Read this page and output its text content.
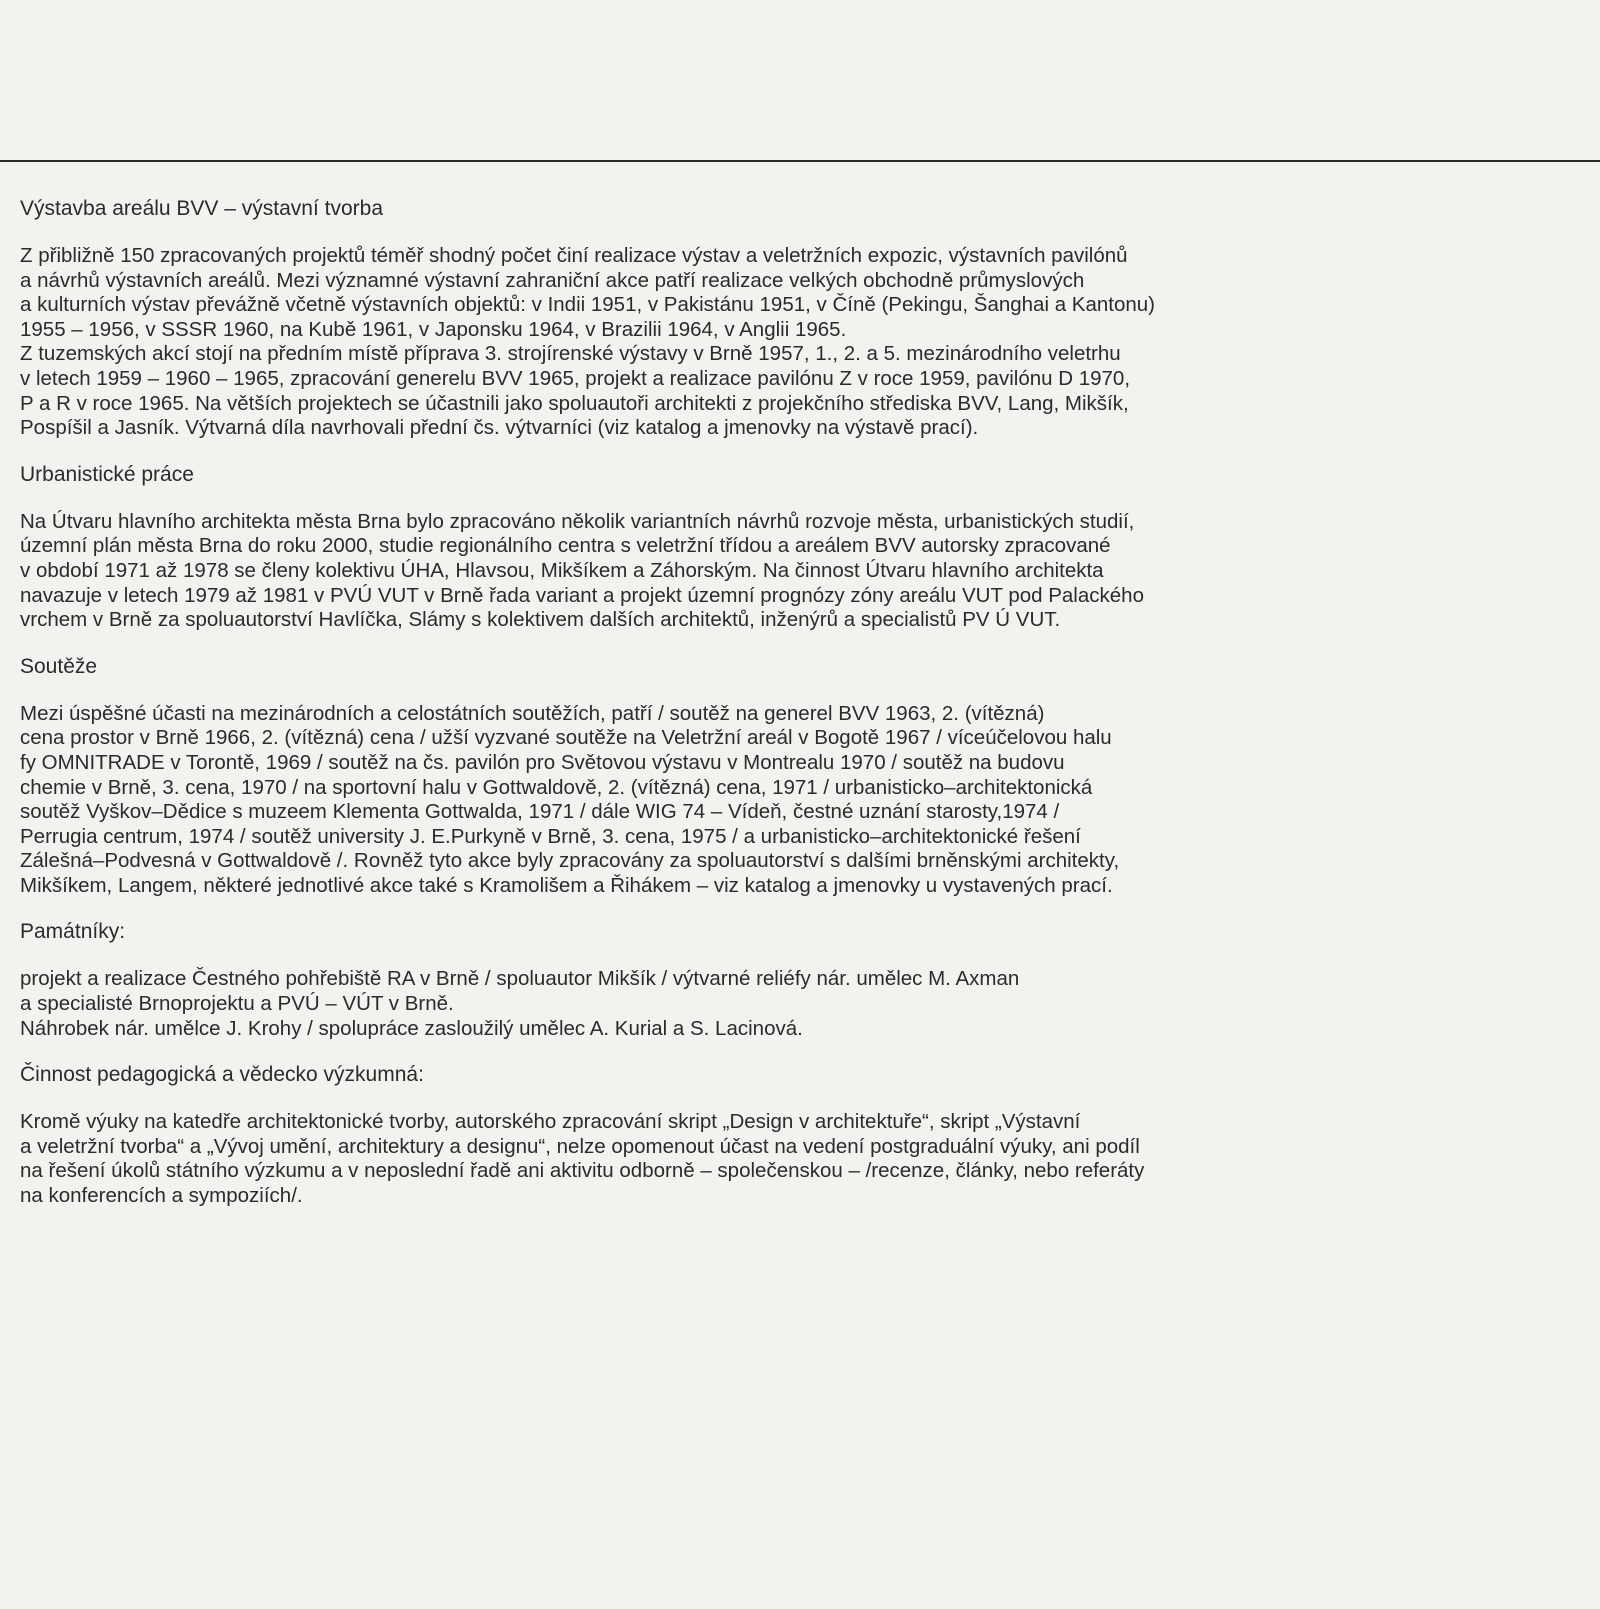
Výstavba areálu BVV – výstavní tvorba
Z přibližně 150 zpracovaných projektů téměř shodný počet činí realizace výstav a veletržních expozic, výstavních pavilónů
a návrhů výstavních areálů. Mezi významné výstavní zahraniční akce patří realizace velkých obchodně průmyslových
a kulturních výstav převážně včetně výstavních objektů: v Indii 1951, v Pakistánu 1951, v Číně (Pekingu, Šanghai a Kantonu)
1955 – 1956, v SSSR 1960, na Kubě 1961, v Japonsku 1964, v Brazilii 1964, v Anglii 1965.
Z tuzemských akcí stojí na předním místě příprava 3. strojírenské výstavy v Brně 1957, 1., 2. a 5. mezinárodního veletrhu
v letech 1959 – 1960 – 1965, zpracování generelu BVV 1965, projekt a realizace pavilónu Z v roce 1959, pavilónu D 1970,
P a R v roce 1965. Na větších projektech se účastnili jako spoluautoři architekti z projekčního střediska BVV, Lang, Mikšík,
Pospíšil a Jasník. Výtvarná díla navrhovali přední čs. výtvarníci (viz katalog a jmenovky na výstavě prací).
Urbanistické práce
Na Útvaru hlavního architekta města Brna bylo zpracováno několik variantních návrhů rozvoje města, urbanistických studií,
územní plán města Brna do roku 2000, studie regionálního centra s veletržní třídou a areálem BVV autorsky zpracované
v období 1971 až 1978 se členy kolektivu ÚHA, Hlavsou, Mikšíkem a Záhorským. Na činnost Útvaru hlavního architekta
navazuje v letech 1979 až 1981 v PVÚ VUT v Brně řada variant a projekt územní prognózy zóny areálu VUT pod Palackého
vrchem v Brně za spoluautorství Havlíčka, Slámy s kolektivem dalších architektů, inženýrů a specialistů PV Ú VUT.
Soutěže
Mezi úspěšné účasti na mezinárodních a celostátních soutěžích, patří / soutěž na generel BVV 1963, 2. (vítězná)
cena prostor v Brně 1966, 2. (vítězná) cena / užší vyzvané soutěže na Veletržní areál v Bogotě 1967 / víceúčelovou halu
fy OMNITRADE v Torontě, 1969 / soutěž na čs. pavilón pro Světovou výstavu v Montrealu 1970 / soutěž na budovu
chemie v Brně, 3. cena, 1970 / na sportovní halu v Gottwaldově, 2. (vítězná) cena, 1971 / urbanisticko–architektonická
soutěž Vyškov–Dědice s muzeem Klementa Gottwalda, 1971 / dále WIG 74 – Vídeň, čestné uznání starosty,1974 /
Perrugia centrum, 1974 / soutěž university J. E.Purkyně v Brně, 3. cena, 1975 / a urbanisticko–architektonické řešení
Zálešná–Podvesná v Gottwaldově /. Rovněž tyto akce byly zpracovány za spoluautorství s dalšími brněnskými architekty,
Mikšíkem, Langem, některé jednotlivé akce také s Kramolišem a Řihákem – viz katalog a jmenovky u vystavených prací.
Památníky:
projekt a realizace Čestného pohřebiště RA v Brně / spoluautor Mikšík / výtvarné reliéfy nár. umělec M. Axman
a specialisté Brnoprojektu a PVÚ – VÚT v Brně.
Náhrobek nár. umělce J. Krohy / spolupráce zasloužilý umělec A. Kurial a S. Lacinová.
Činnost pedagogická a vědecko výzkumná:
Kromě výuky na katedře architektonické tvorby, autorského zpracování skript „Design v architektuře“, skript „Výstavní
a veletržní tvorba“ a „Vývoj umění, architektury a designu“, nelze opomenout účast na vedení postgraduální výuky, ani podíl
na řešení úkolů státního výzkumu a v neposlední řadě ani aktivitu odborně – společenskou – /recenze, články, nebo referáty
na konferencích a sympoziích/.
